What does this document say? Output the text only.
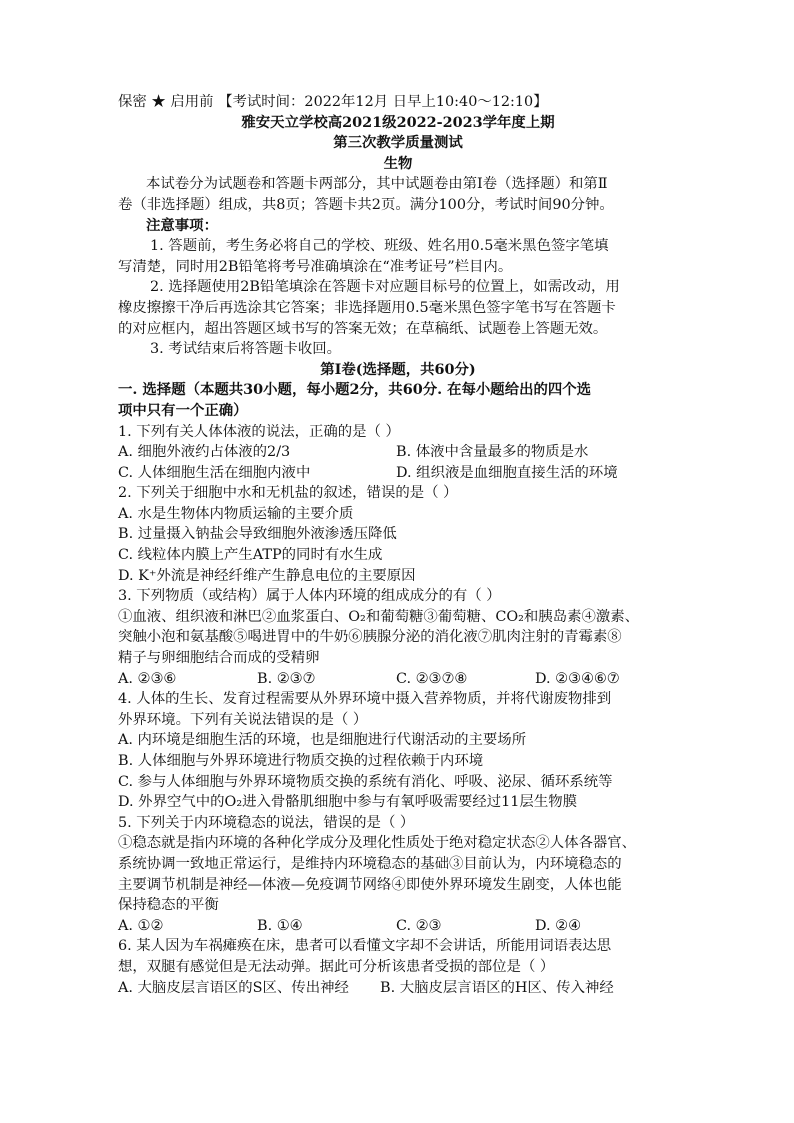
保密 ★ 启用前 【考试时间：2022年12月 日早上10:40～12:10】

雅安天立学校高2021级2022-2023学年度上期

第三次教学质量测试

生物

本试卷分为试题卷和答题卡两部分，其中试题卷由第Ⅰ卷（选择题）和第Ⅱ

卷（非选择题）组成，共8页；答题卡共2页。满分100分，考试时间90分钟。

注意事项：

1. 答题前，考生务必将自己的学校、班级、姓名用0.5毫米黑色签字笔填

写清楚，同时用2B铅笔将考号准确填涂在“准考证号”栏目内。

2. 选择题使用2B铅笔填涂在答题卡对应题目标号的位置上，如需改动，用

橡皮擦擦干净后再选涂其它答案；非选择题用0.5毫米黑色签字笔书写在答题卡

的对应框内，超出答题区域书写的答案无效；在草稿纸、试题卷上答题无效。

3. 考试结束后将答题卡收回。

第Ⅰ卷(选择题，共60分)

一. 选择题（本题共30小题，每小题2分，共60分. 在每小题给出的四个选

项中只有一个正确）

1. 下列有关人体体液的说法，正确的是（ ）

A. 细胞外液约占体液的2/3	B. 体液中含量最多的物质是水
C. 人体细胞生活在细胞内液中	D. 组织液是血细胞直接生活的环境

2. 下列关于细胞中水和无机盐的叙述，错误的是（ ）

A. 水是生物体内物质运输的主要介质

B. 过量摄入钠盐会导致细胞外液渗透压降低

C. 线粒体内膜上产生ATP的同时有水生成

D. K⁺外流是神经纤维产生静息电位的主要原因

3. 下列物质（或结构）属于人体内环境的组成成分的有（ ）

①血液、组织液和淋巴②血浆蛋白、O₂和葡萄糖③葡萄糖、CO₂和胰岛素④激素、

突触小泡和氨基酸⑤喝进胃中的牛奶⑥胰腺分泌的消化液⑦肌肉注射的青霉素⑧

精子与卵细胞结合而成的受精卵

A. ②③⑥	B. ②③⑦	C. ②③⑦⑧	D. ②③④⑥⑦

4. 人体的生长、发育过程需要从外界环境中摄入营养物质，并将代谢废物排到

外界环境。下列有关说法错误的是（ ）

A. 内环境是细胞生活的环境，也是细胞进行代谢活动的主要场所

B. 人体细胞与外界环境进行物质交换的过程依赖于内环境

C. 参与人体细胞与外界环境物质交换的系统有消化、呼吸、泌尿、循环系统等

D. 外界空气中的O₂进入骨骼肌细胞中参与有氧呼吸需要经过11层生物膜

5. 下列关于内环境稳态的说法，错误的是（ ）

①稳态就是指内环境的各种化学成分及理化性质处于绝对稳定状态②人体各器官、

系统协调一致地正常运行，是维持内环境稳态的基础③目前认为，内环境稳态的

主要调节机制是神经—体液—免疫调节网络④即使外界环境发生剧变，人体也能

保持稳态的平衡

A. ①②	B. ①④	C. ②③	D. ②④

6. 某人因为车祸瘫痪在床，患者可以看懂文字却不会讲话，所能用词语表达思

想，双腿有感觉但是无法动弹。据此可分析该患者受损的部位是（ ）

A. 大脑皮层言语区的S区、传出神经	B. 大脑皮层言语区的H区、传入神经
